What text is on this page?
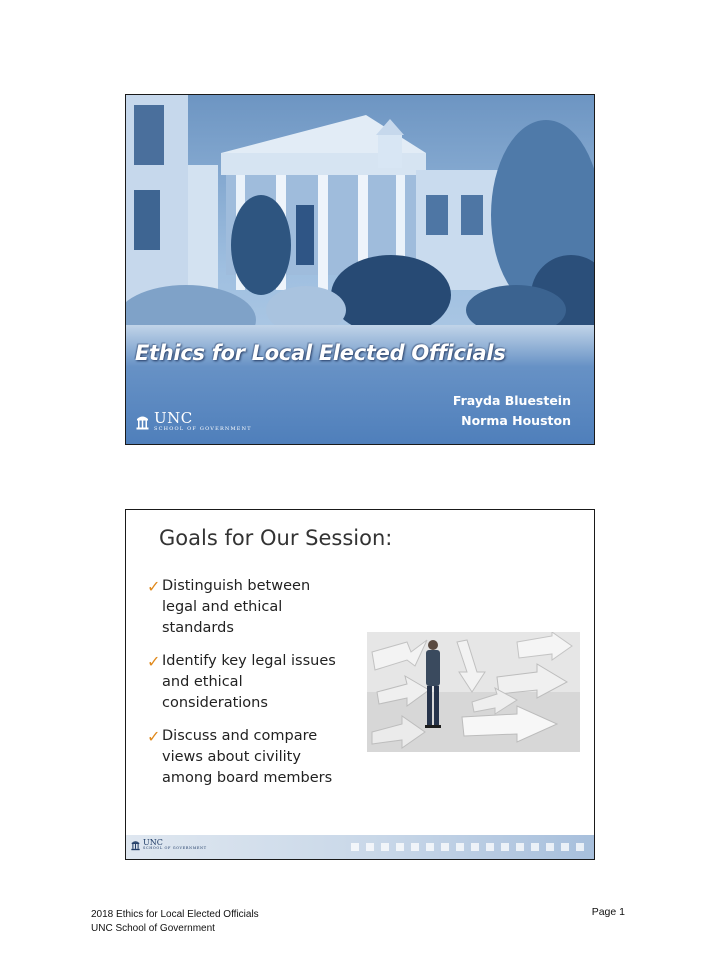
Ethics for Local Elected Officials
Frayda Bluestein
Norma Houston
UNC
SCHOOL OF GOVERNMENT
Goals for Our Session:
✓ Distinguish between
legal and ethical
standards
✓ Identify key legal issues
and ethical
considerations
✓ Discuss and compare
views about civility
among board members
UNC
SCHOOL OF GOVERNMENT
2018 Ethics for Local Elected Officials
UNC School of Government
Page 1
